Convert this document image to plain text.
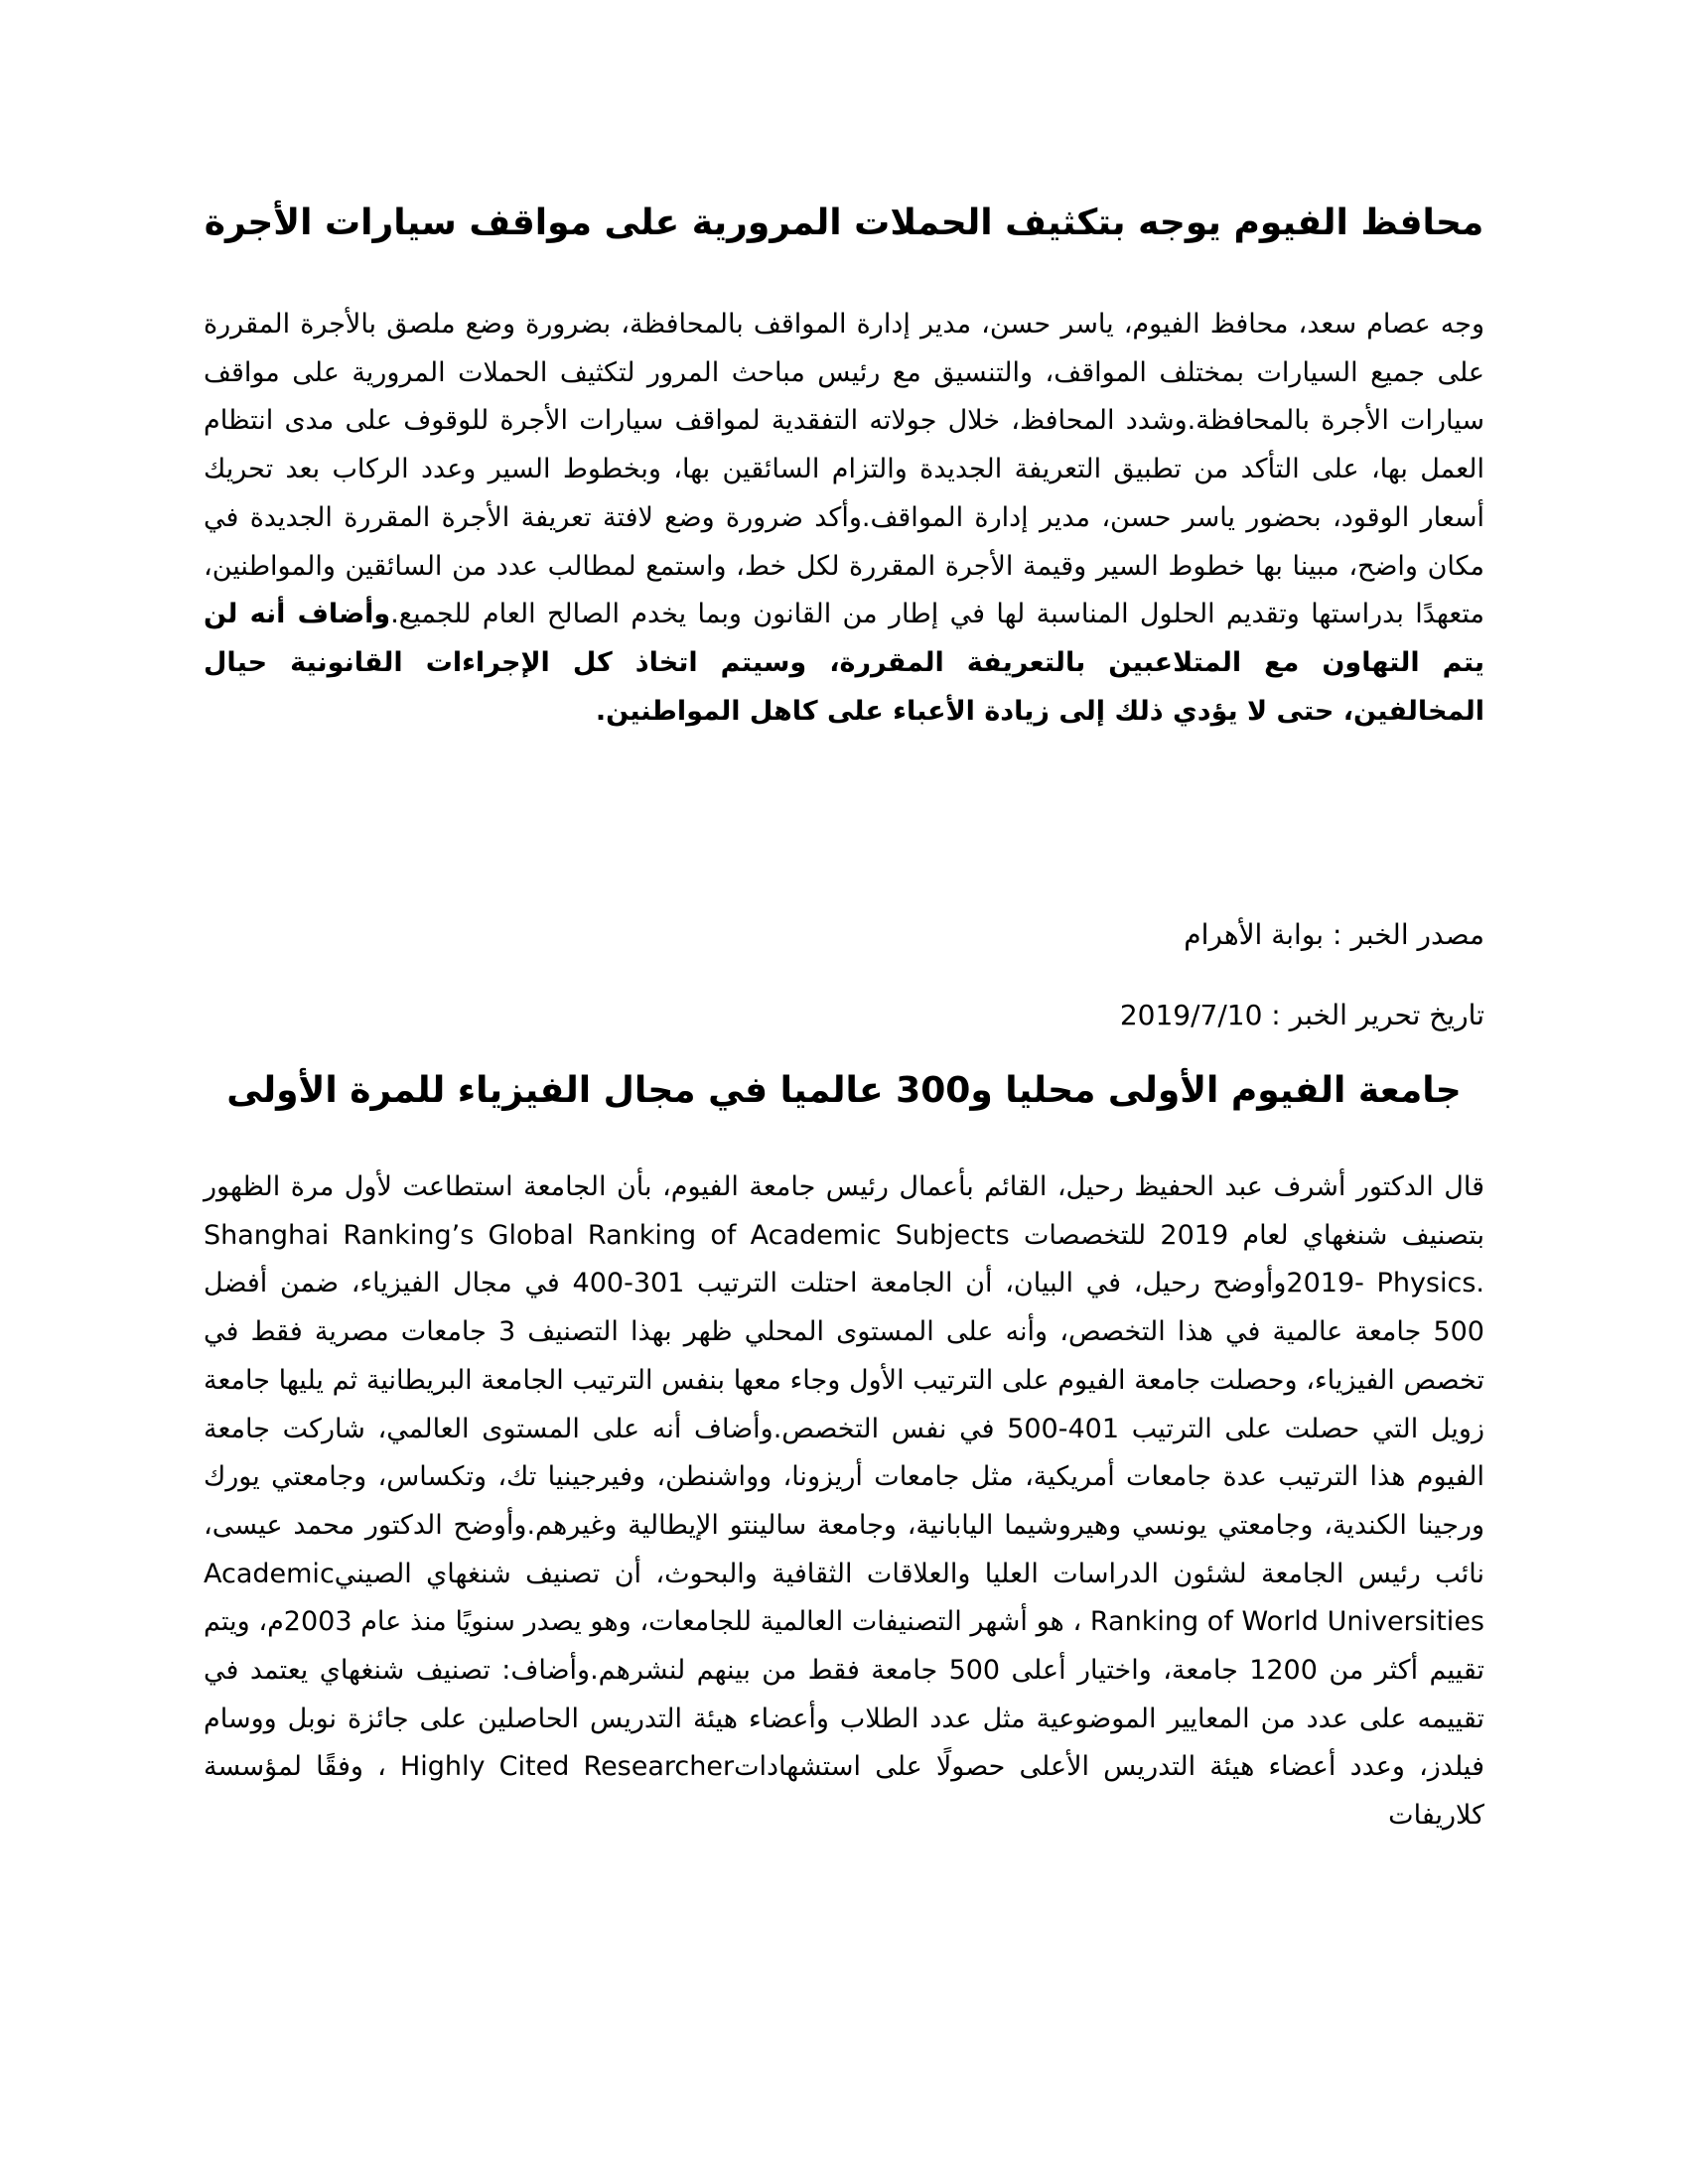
محافظ الفيوم يوجه بتكثيف الحملات المرورية على مواقف سيارات الأجرة

وجه عصام سعد، محافظ الفيوم، ياسر حسن، مدير إدارة المواقف بالمحافظة، بضرورة وضع ملصق بالأجرة المقررة على جميع السيارات بمختلف المواقف، والتنسيق مع رئيس مباحث المرور لتكثيف الحملات المرورية على مواقف سيارات الأجرة بالمحافظة.وشدد المحافظ، خلال جولاته التفقدية لمواقف سيارات الأجرة للوقوف على مدى انتظام العمل بها، على التأكد من تطبيق التعريفة الجديدة والتزام السائقين بها، وبخطوط السير وعدد الركاب بعد تحريك أسعار الوقود، بحضور ياسر حسن، مدير إدارة المواقف.وأكد ضرورة وضع لافتة تعريفة الأجرة المقررة الجديدة في مكان واضح، مبينا بها خطوط السير وقيمة الأجرة المقررة لكل خط، واستمع لمطالب عدد من السائقين والمواطنين، متعهدًا بدراستها وتقديم الحلول المناسبة لها في إطار من القانون وبما يخدم الصالح العام للجميع.وأضاف أنه لن يتم التهاون مع المتلاعبين بالتعريفة المقررة، وسيتم اتخاذ كل الإجراءات القانونية حيال المخالفين، حتى لا يؤدي ذلك إلى زيادة الأعباء على كاهل المواطنين.

مصدر الخبر : بوابة الأهرام

تاريخ تحرير الخبر : 2019/7/10

جامعة الفيوم الأولى محليا و300 عالميا في مجال الفيزياء للمرة الأولى

قال الدكتور أشرف عبد الحفيظ رحيل، القائم بأعمال رئيس جامعة الفيوم، بأن الجامعة استطاعت لأول مرة الظهور بتصنيف شنغهاي لعام 2019 للتخصصات Shanghai Ranking’s Global Ranking of Academic Subjects 2019- Physics.وأوضح رحيل، في البيان، أن الجامعة احتلت الترتيب 301-400 في مجال الفيزياء، ضمن أفضل 500 جامعة عالمية في هذا التخصص، وأنه على المستوى المحلي ظهر بهذا التصنيف 3 جامعات مصرية فقط في تخصص الفيزياء، وحصلت جامعة الفيوم على الترتيب الأول وجاء معها بنفس الترتيب الجامعة البريطانية ثم يليها جامعة زويل التي حصلت على الترتيب 401-500 في نفس التخصص.وأضاف أنه على المستوى العالمي، شاركت جامعة الفيوم هذا الترتيب عدة جامعات أمريكية، مثل جامعات أريزونا، وواشنطن، وفيرجينيا تك، وتكساس، وجامعتي يورك ورجينا الكندية، وجامعتي يونسي وهيروشيما اليابانية، وجامعة سالينتو الإيطالية وغيرهم.وأوضح الدكتور محمد عيسى، نائب رئيس الجامعة لشئون الدراسات العليا والعلاقات الثقافية والبحوث، أن تصنيف شنغهاي الصينيAcademic Ranking of World Universities ، هو أشهر التصنيفات العالمية للجامعات، وهو يصدر سنويًا منذ عام 2003م، ويتم تقييم أكثر من 1200 جامعة، واختيار أعلى 500 جامعة فقط من بينهم لنشرهم.وأضاف: تصنيف شنغهاي يعتمد في تقييمه على عدد من المعايير الموضوعية مثل عدد الطلاب وأعضاء هيئة التدريس الحاصلين على جائزة نوبل ووسام فيلدز، وعدد أعضاء هيئة التدريس الأعلى حصولًا على استشهاداتHighly Cited Researcher ، وفقًا لمؤسسة كلاريفات
